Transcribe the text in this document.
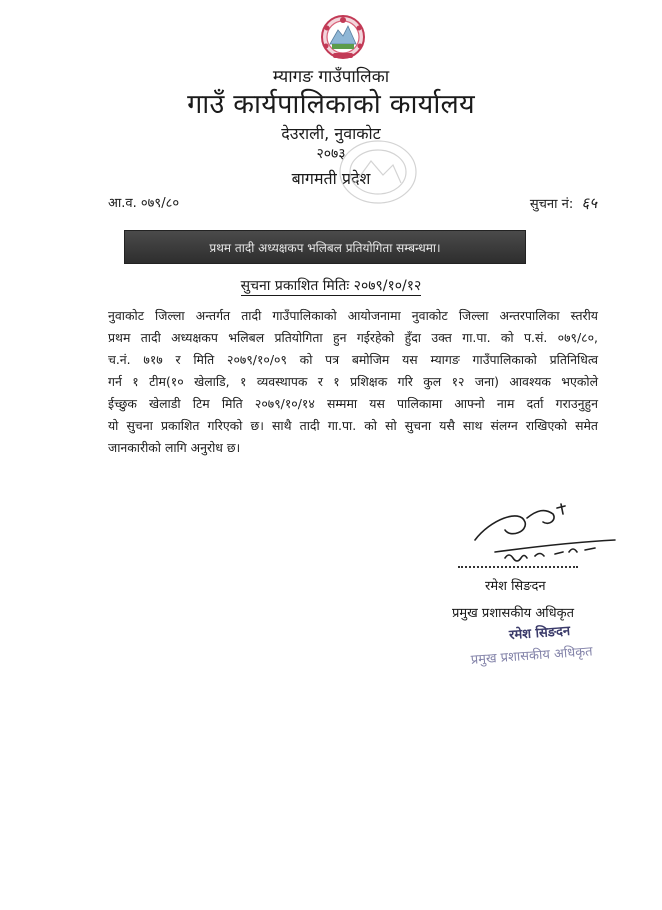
म्यागङ गाउँपालिका
गाउँ कार्यपालिकाको कार्यालय
देउराली, नुवाकोट
२०७३
बागमती प्रदेश
आ.व. ०७९/८०	सुचना नं: ६५
प्रथम तादी अध्यक्षकप भलिबल प्रतियोगिता सम्बन्धमा।
सुचना प्रकाशित मितिः २०७९/१०/१२
नुवाकोट जिल्ला अन्तर्गत तादी गाउँपालिकाको आयोजनामा नुवाकोट जिल्ला अन्तरपालिका स्तरीय
प्रथम तादी अध्यक्षकप भलिबल प्रतियोगिता हुन गईरहेको हुँदा उक्त गा.पा. को प.सं. ०७९/८०,
च.नं. ७१७ र मिति २०७९/१०/०९ को पत्र बमोजिम यस म्यागङ गाउँपालिकाको प्रतिनिधित्व
गर्न १ टीम(१० खेलाडि, १ व्यवस्थापक र १ प्रशिक्षक गरि कुल १२ जना) आवश्यक भएकोले
ईच्छुक खेलाडी टिम मिति २०७९/१०/१४ सम्ममा यस पालिकामा आफ्नो नाम दर्ता गराउनुहुन
यो सुचना प्रकाशित गरिएको छ। साथै तादी गा.पा. को सो सुचना यसै साथ संलग्न राखिएको समेत
जानकारीको लागि अनुरोध छ।
रमेश सिङदन
प्रमुख प्रशासकीय अधिकृत
रमेश सिङदन
प्रमुख प्रशासकीय अधिकृत
